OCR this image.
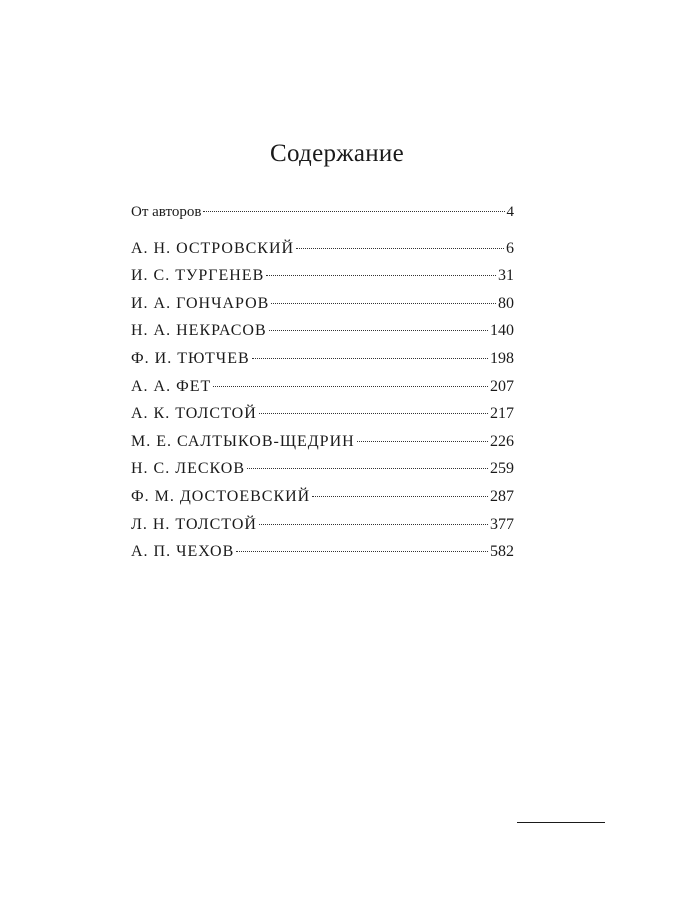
Содержание
От авторов	4
А. Н. ОСТРОВСКИЙ	6
И. С. ТУРГЕНЕВ	31
И. А. ГОНЧАРОВ	80
Н. А. НЕКРАСОВ	140
Ф. И. ТЮТЧЕВ	198
А. А. ФЕТ	207
А. К. ТОЛСТОЙ	217
М. Е. САЛТЫКОВ-ЩЕДРИН	226
Н. С. ЛЕСКОВ	259
Ф. М. ДОСТОЕВСКИЙ	287
Л. Н. ТОЛСТОЙ	377
А. П. ЧЕХОВ	582
